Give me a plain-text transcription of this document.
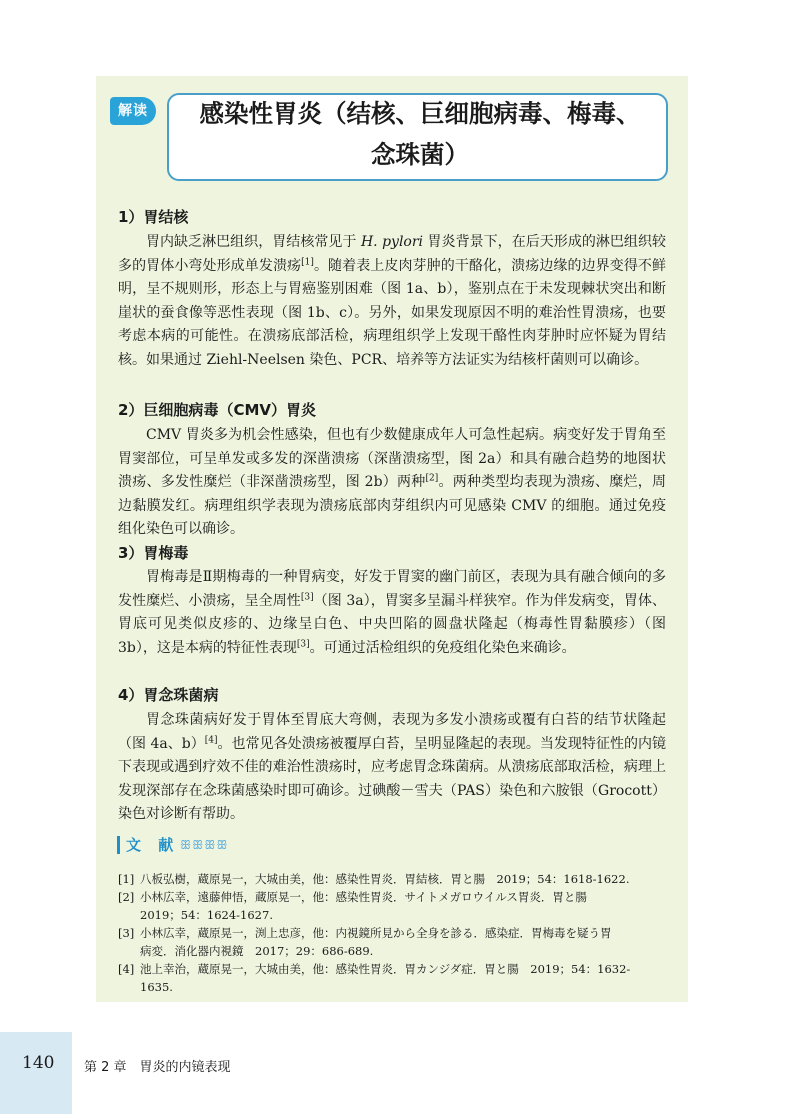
解读	感染性胃炎（结核、巨细胞病毒、梅毒、
念珠菌）
1）胃结核
胃内缺乏淋巴组织，胃结核常见于 H. pylori 胃炎背景下，在后天形成的淋巴组织较多的胃体小弯处形成单发溃疡[1]。随着表上皮肉芽肿的干酪化，溃疡边缘的边界变得不鲜明，呈不规则形，形态上与胃癌鉴别困难（图 1a、b），鉴别点在于未发现棘状突出和断崖状的蚕食像等恶性表现（图 1b、c）。另外，如果发现原因不明的难治性胃溃疡，也要考虑本病的可能性。在溃疡底部活检，病理组织学上发现干酪性肉芽肿时应怀疑为胃结核。如果通过 Ziehl-Neelsen 染色、PCR、培养等方法证实为结核杆菌则可以确诊。
2）巨细胞病毒（CMV）胃炎
CMV 胃炎多为机会性感染，但也有少数健康成年人可急性起病。病变好发于胃角至胃窦部位，可呈单发或多发的深凿溃疡（深凿溃疡型，图 2a）和具有融合趋势的地图状溃疡、多发性糜烂（非深凿溃疡型，图 2b）两种[2]。两种类型均表现为溃疡、糜烂，周边黏膜发红。病理组织学表现为溃疡底部肉芽组织内可见感染 CMV 的细胞。通过免疫组化染色可以确诊。
3）胃梅毒
胃梅毒是Ⅱ期梅毒的一种胃病变，好发于胃窦的幽门前区，表现为具有融合倾向的多发性糜烂、小溃疡，呈全周性[3]（图 3a），胃窦多呈漏斗样狭窄。作为伴发病变，胃体、胃底可见类似皮疹的、边缘呈白色、中央凹陷的圆盘状隆起（梅毒性胃黏膜疹）（图 3b），这是本病的特征性表现[3]。可通过活检组织的免疫组化染色来确诊。
4）胃念珠菌病
胃念珠菌病好发于胃体至胃底大弯侧，表现为多发小溃疡或覆有白苔的结节状隆起（图 4a、b）[4]。也常见各处溃疡被覆厚白苔，呈明显隆起的表现。当发现特征性的内镜下表现或遇到疗效不佳的难治性溃疡时，应考虑胃念珠菌病。从溃疡底部取活检，病理上发现深部存在念珠菌感染时即可确诊。过碘酸－雪夫（PAS）染色和六胺银（Grocott）染色对诊断有帮助。
文 献 ꕥꕥꕥꕥ
[1] 八板弘樹，蔵原晃一，大城由美，他：感染性胃炎．胃結核．胃と腸　2019；54：1618-1622.
[2] 小林広幸，遠藤伸悟，蔵原晃一，他：感染性胃炎．サイトメガロウイルス胃炎．胃と腸　
2019；54：1624-1627.
[3] 小林広幸，蔵原晃一，渕上忠彦，他：内視鏡所見から全身を診る．感染症．胃梅毒を疑う胃
病変．消化器内視鏡　2017；29：686-689.
[4] 池上幸治，蔵原晃一，大城由美，他：感染性胃炎．胃カンジダ症．胃と腸　2019；54：1632-
1635.
140 第 2 章　胃炎的内镜表现
